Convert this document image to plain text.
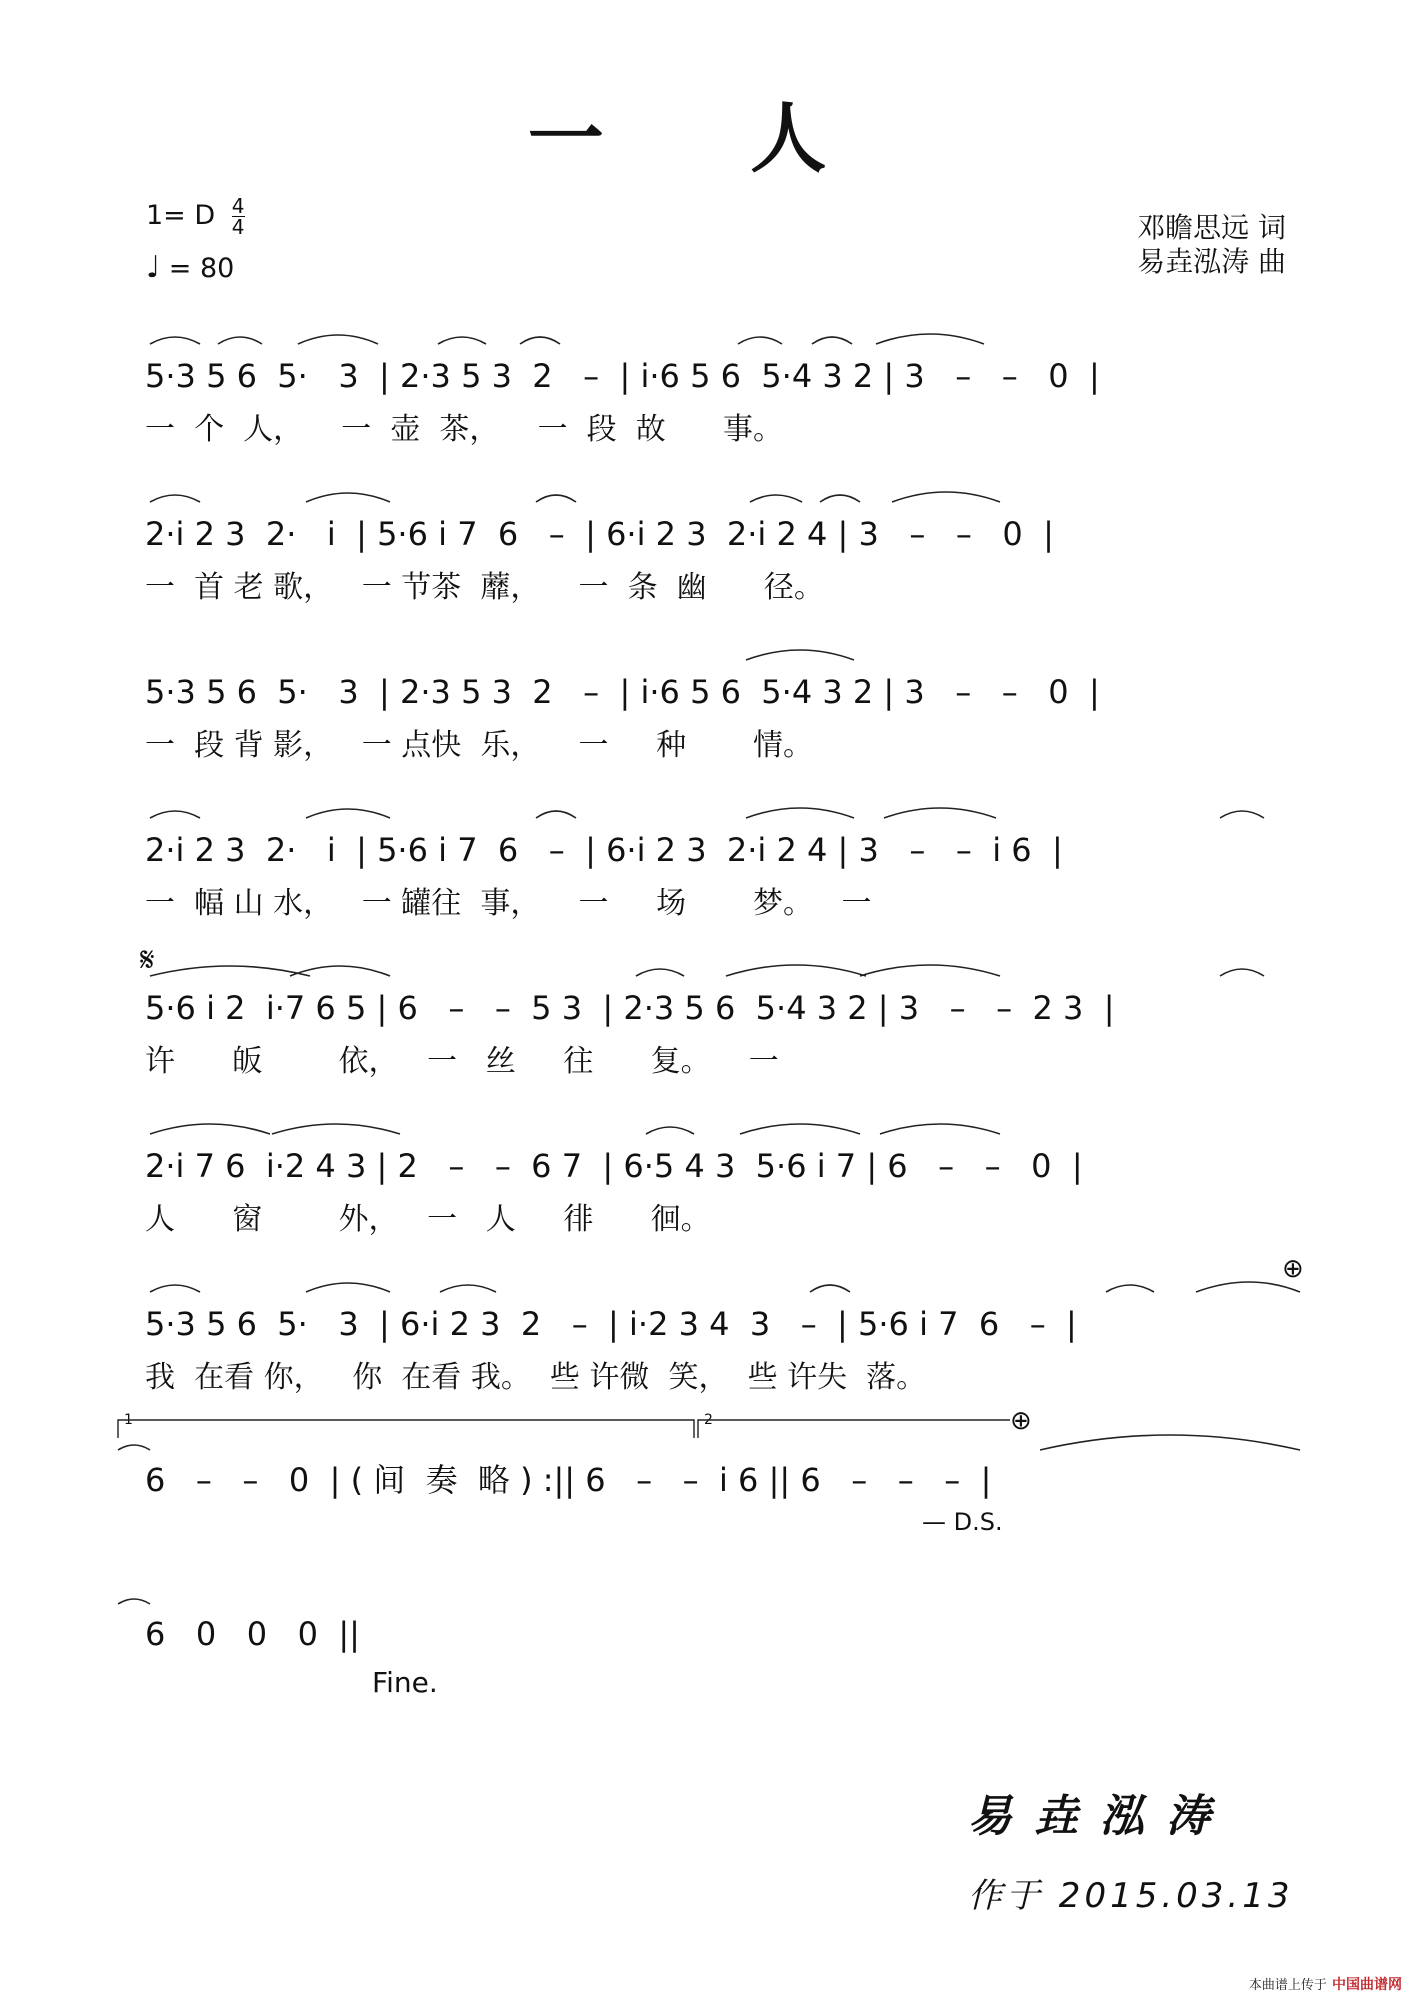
一 人
1= D $\frac{4}{4}$
♩ = 80
邓瞻思远 词
易垚泓涛 曲
5·3 5 6  5·   3  | 2·3 5 3  2   –  | i·6 5 6  5·4 3 2 | 3   –   –   0  |
一  个  人，    一  壶  茶，    一  段  故      事。
2·i 2 3  2·   i  | 5·6 i 7  6   –  | 6·i 2 3  2·i 2 4 | 3   –   –   0  |
一  首 老 歌，   一 节茶  蘼，    一  条  幽      径。
5·3 5 6  5·   3  | 2·3 5 3  2   –  | i·6 5 6  5·4 3 2 | 3   –   –   0  |
一  段 背 影，   一 点快  乐，    一     种       情。
2·i 2 3  2·   i  | 5·6 i 7  6   –  | 6·i 2 3  2·i 2 4 | 3   –   –  i 6  |
一  幅 山 水，   一 罐往  事，    一     场       梦。   一
𝄋
5·6 i 2  i·7 6 5 | 6   –   –  5 3  | 2·3 5 6  5·4 3 2 | 3   –   –  2 3  |
许      皈        依，   一   丝     往      复。    一
2·i 7 6  i·2 4 3 | 2   –   –  6 7  | 6·5 4 3  5·6 i 7 | 6   –   –   0  |
人      窗        外，   一   人     徘      徊。
⊕
5·3 5 6  5·   3  | 6·i 2 3  2   –  | i·2 3 4  3   –  | 5·6 i 7  6   –  |
我  在看 你，   你  在看 我。  些 许微  笑，  些 许失  落。
1	2	⊕
6   –   –   0  | ( 间  奏  略 ) :|| 6   –   –  i 6 || 6   –   –   –  |
— D.S.
6   0   0   0  ||
Fine.
易垚泓涛
作于 2015.03.13
本曲谱上传于 中国曲谱网
